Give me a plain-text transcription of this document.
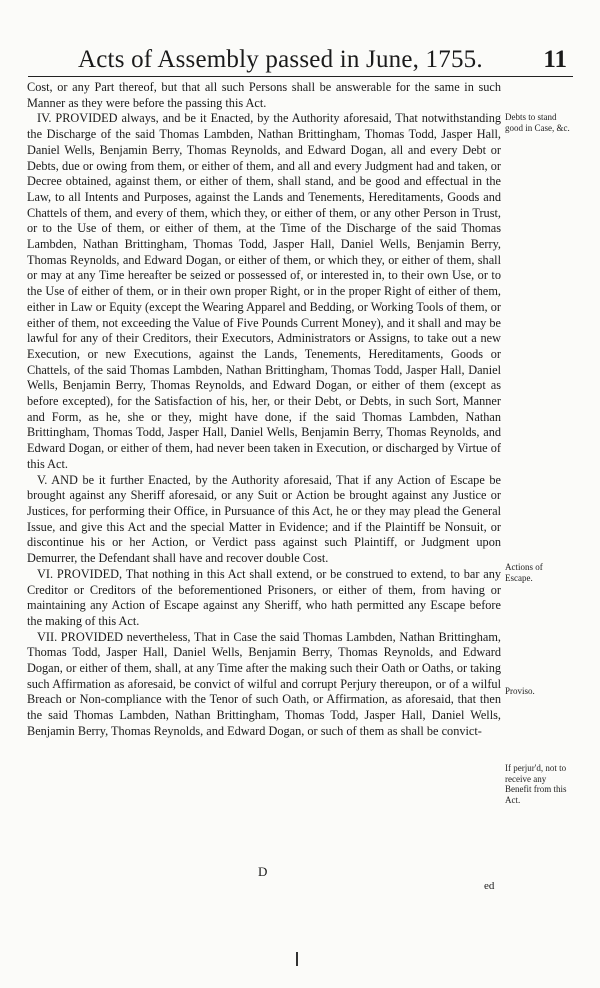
Acts of Assembly passed in June, 1755. 11

Cost, or any Part thereof, but that all such Persons shall be answerable for the same in such Manner as they were before the passing this Act.

IV. PROVIDED always, and be it Enacted, by the Authority aforesaid, That notwithstanding the Discharge of the said Thomas Lambden, Nathan Brittingham, Thomas Todd, Jasper Hall, Daniel Wells, Benjamin Berry, Thomas Reynolds, and Edward Dogan, all and every Debt or Debts, due or owing from them, or either of them, and all and every Judgment had and taken, or Decree obtained, against them, or either of them, shall stand, and be good and effectual in the Law, to all Intents and Purposes, against the Lands and Tenements, Hereditaments, Goods and Chattels of them, and every of them, which they, or either of them, or any other Person in Trust, or to the Use of them, or either of them, at the Time of the Discharge of the said Thomas Lambden, Nathan Brittingham, Thomas Todd, Jasper Hall, Daniel Wells, Benjamin Berry, Thomas Reynolds, and Edward Dogan, or either of them, or which they, or either of them, shall or may at any Time hereafter be seized or possessed of, or interested in, to their own Use, or to the Use of either of them, or in their own proper Right, or in the proper Right of either of them, either in Law or Equity (except the Wearing Apparel and Bedding, or Working Tools of them, or either of them, not exceeding the Value of Five Pounds Current Money), and it shall and may be lawful for any of their Creditors, their Executors, Administrators or Assigns, to take out a new Execution, or new Executions, against the Lands, Tenements, Hereditaments, Goods or Chattels, of the said Thomas Lambden, Nathan Brittingham, Thomas Todd, Jasper Hall, Daniel Wells, Benjamin Berry, Thomas Reynolds, and Edward Dogan, or either of them (except as before excepted), for the Satisfaction of his, her, or their Debt, or Debts, in such Sort, Manner and Form, as he, she or they, might have done, if the said Thomas Lambden, Nathan Brittingham, Thomas Todd, Jasper Hall, Daniel Wells, Benjamin Berry, Thomas Reynolds, and Edward Dogan, or either of them, had never been taken in Execution, or discharged by Virtue of this Act.

V. AND be it further Enacted, by the Authority aforesaid, That if any Action of Escape be brought against any Sheriff aforesaid, or any Suit or Action be brought against any Justice or Justices, for performing their Office, in Pursuance of this Act, he or they may plead the General Issue, and give this Act and the special Matter in Evidence; and if the Plaintiff be Nonsuit, or discontinue his or her Action, or Verdict pass against such Plaintiff, or Judgment upon Demurrer, the Defendant shall have and recover double Cost.

VI. PROVIDED, That nothing in this Act shall extend, or be construed to extend, to bar any Creditor or Creditors of the beforementioned Prisoners, or either of them, from having or maintaining any Action of Escape against any Sheriff, who hath permitted any Escape before the making of this Act.

VII. PROVIDED nevertheless, That in Case the said Thomas Lambden, Nathan Brittingham, Thomas Todd, Jasper Hall, Daniel Wells, Benjamin Berry, Thomas Reynolds, and Edward Dogan, or either of them, shall, at any Time after the making such their Oath or Oaths, or taking such Affirmation as aforesaid, be convict of wilful and corrupt Perjury thereupon, or of a wilful Breach or Non-compliance with the Tenor of such Oath, or Affirmation, as aforesaid, that then the said Thomas Lambden, Nathan Brittingham, Thomas Todd, Jasper Hall, Daniel Wells, Benjamin Berry, Thomas Reynolds, and Edward Dogan, or such of them as shall be convict-

Debts to stand good in Case, &c.
Actions of Escape.
Proviso.
If perjur'd, not to receive any Benefit from this Act.
D
ed
